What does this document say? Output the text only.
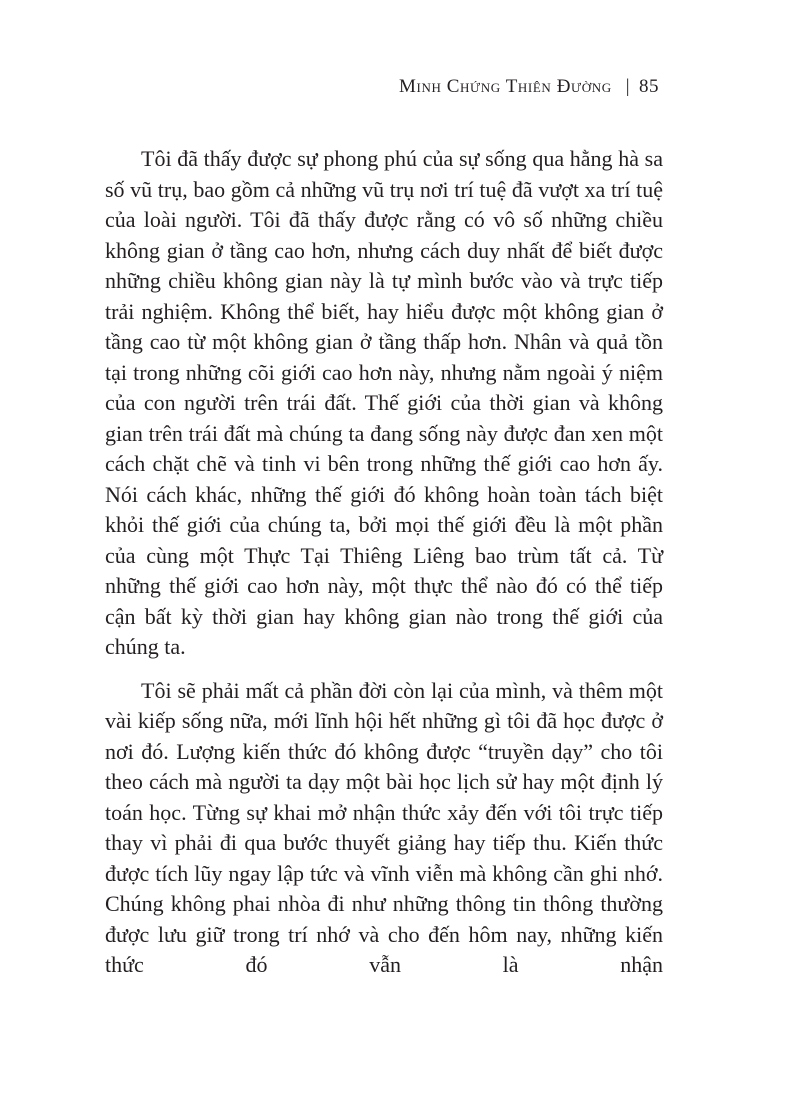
Minh Chứng Thiên Đường | 85

Tôi đã thấy được sự phong phú của sự sống qua hằng hà sa số vũ trụ, bao gồm cả những vũ trụ nơi trí tuệ đã vượt xa trí tuệ của loài người. Tôi đã thấy được rằng có vô số những chiều không gian ở tầng cao hơn, nhưng cách duy nhất để biết được những chiều không gian này là tự mình bước vào và trực tiếp trải nghiệm. Không thể biết, hay hiểu được một không gian ở tầng cao từ một không gian ở tầng thấp hơn. Nhân và quả tồn tại trong những cõi giới cao hơn này, nhưng nằm ngoài ý niệm của con người trên trái đất. Thế giới của thời gian và không gian trên trái đất mà chúng ta đang sống này được đan xen một cách chặt chẽ và tinh vi bên trong những thế giới cao hơn ấy. Nói cách khác, những thế giới đó không hoàn toàn tách biệt khỏi thế giới của chúng ta, bởi mọi thế giới đều là một phần của cùng một Thực Tại Thiêng Liêng bao trùm tất cả. Từ những thế giới cao hơn này, một thực thể nào đó có thể tiếp cận bất kỳ thời gian hay không gian nào trong thế giới của chúng ta.

Tôi sẽ phải mất cả phần đời còn lại của mình, và thêm một vài kiếp sống nữa, mới lĩnh hội hết những gì tôi đã học được ở nơi đó. Lượng kiến thức đó không được “truyền dạy” cho tôi theo cách mà người ta dạy một bài học lịch sử hay một định lý toán học. Từng sự khai mở nhận thức xảy đến với tôi trực tiếp thay vì phải đi qua bước thuyết giảng hay tiếp thu. Kiến thức được tích lũy ngay lập tức và vĩnh viễn mà không cần ghi nhớ. Chúng không phai nhòa đi như những thông tin thông thường được lưu giữ trong trí nhớ và cho đến hôm nay, những kiến thức đó vẫn là nhận
